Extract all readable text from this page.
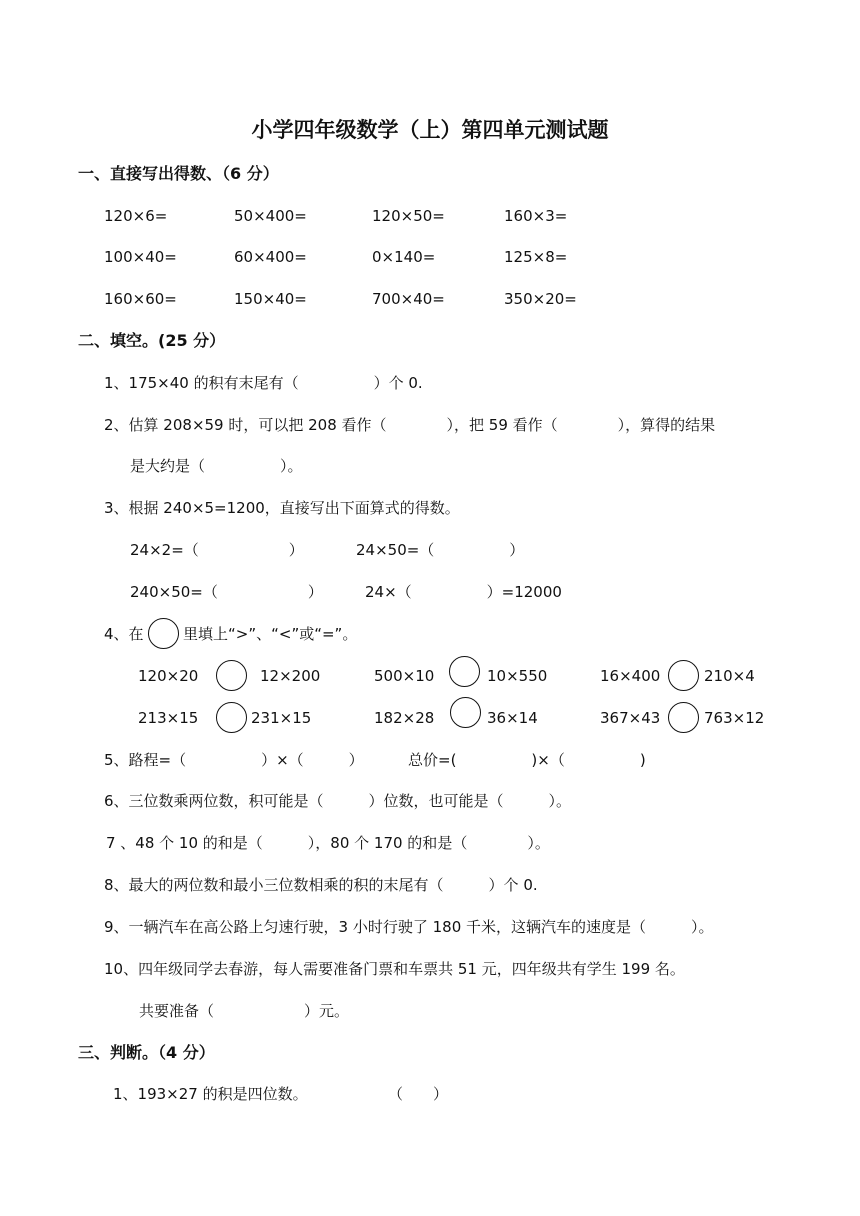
小学四年级数学（上）第四单元测试题
一、直接写出得数、（6 分）
120×6=	50×400=	120×50=	160×3=
100×40=	60×400=	0×140=	125×8=
160×60=	150×40=	700×40=	350×20=
二、填空。(25 分）
1、175×40 的积有末尾有（　　　　　）个 0.
2、估算 208×59 时，可以把 208 看作（　　　　），把 59 看作（　　　　），算得的结果
是大约是（　　　　　）。
3、根据 240×5=1200，直接写出下面算式的得数。
24×2=（　　　　　　）	24×50=（　　　　　）
240×50=（　　　　　　）	24×（　　　　　）=12000
4、在	里填上“>”、“<”或“=”。
120×20	12×200	500×10	10×550	16×400	210×4
213×15	231×15	182×28	36×14	367×43	763×12
5、路程=（　　　　　）×（　　　）	总价=(　　　　　)×（　　　　　)
6、三位数乘两位数，积可能是（　　　）位数，也可能是（　　　）。
7 、48 个 10 的和是（　　　），80 个 170 的和是（　　　　）。
8、最大的两位数和最小三位数相乘的积的末尾有（　　　）个 0.
9、一辆汽车在高公路上匀速行驶，3 小时行驶了 180 千米，这辆汽车的速度是（　　　）。
10、四年级同学去春游，每人需要准备门票和车票共 51 元，四年级共有学生 199 名。
共要准备（　　　　　　）元。
三、判断。（4 分）
1、193×27 的积是四位数。	（　　）
